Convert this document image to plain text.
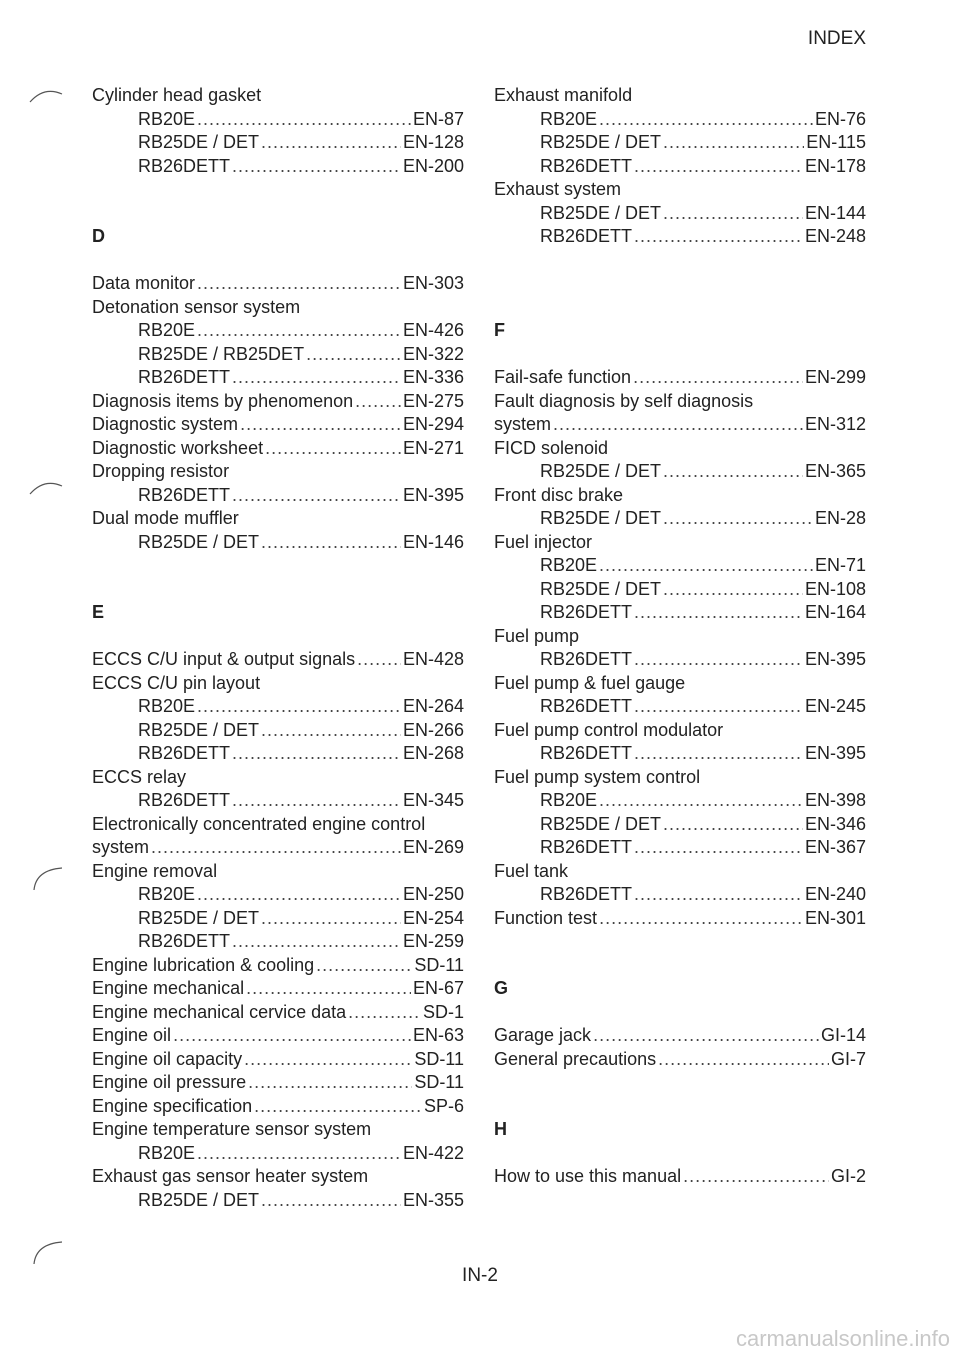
INDEX
Cylinder head gasket
RB20E .....	EN-87
RB25DE / DET .....	EN-128
RB26DETT .....	EN-200
D
Data monitor .....	EN-303
Detonation sensor system
RB20E .....	EN-426
RB25DE / RB25DET .....	EN-322
RB26DETT .....	EN-336
Diagnosis items by phenomenon .....	EN-275
Diagnostic system .....	EN-294
Diagnostic worksheet .....	EN-271
Dropping resistor
RB26DETT .....	EN-395
Dual mode muffler
RB25DE / DET .....	EN-146
E
ECCS C/U input & output signals .....	EN-428
ECCS C/U pin layout
RB20E .....	EN-264
RB25DE / DET .....	EN-266
RB26DETT .....	EN-268
ECCS relay
RB26DETT .....	EN-345
Electronically concentrated engine control
system .....	EN-269
Engine removal
RB20E .....	EN-250
RB25DE / DET .....	EN-254
RB26DETT .....	EN-259
Engine lubrication & cooling .....	SD-11
Engine mechanical .....	EN-67
Engine mechanical cervice data .....	SD-1
Engine oil .....	EN-63
Engine oil capacity .....	SD-11
Engine oil pressure .....	SD-11
Engine specification .....	SP-6
Engine temperature sensor system
RB20E .....	EN-422
Exhaust gas sensor heater system
RB25DE / DET .....	EN-355
Exhaust manifold
RB20E .....	EN-76
RB25DE / DET .....	EN-115
RB26DETT .....	EN-178
Exhaust system
RB25DE / DET .....	EN-144
RB26DETT .....	EN-248
F
Fail-safe function .....	EN-299
Fault diagnosis by self diagnosis
system .....	EN-312
FICD solenoid
RB25DE / DET .....	EN-365
Front disc brake
RB25DE / DET .....	EN-28
Fuel injector
RB20E .....	EN-71
RB25DE / DET .....	EN-108
RB26DETT .....	EN-164
Fuel pump
RB26DETT .....	EN-395
Fuel pump & fuel gauge
RB26DETT .....	EN-245
Fuel pump control modulator
RB26DETT .....	EN-395
Fuel pump system control
RB20E .....	EN-398
RB25DE / DET .....	EN-346
RB26DETT .....	EN-367
Fuel tank
RB26DETT .....	EN-240
Function test .....	EN-301
G
Garage jack .....	GI-14
General precautions .....	GI-7
H
How to use this manual .....	GI-2
IN-2
carmanualsonline.info
